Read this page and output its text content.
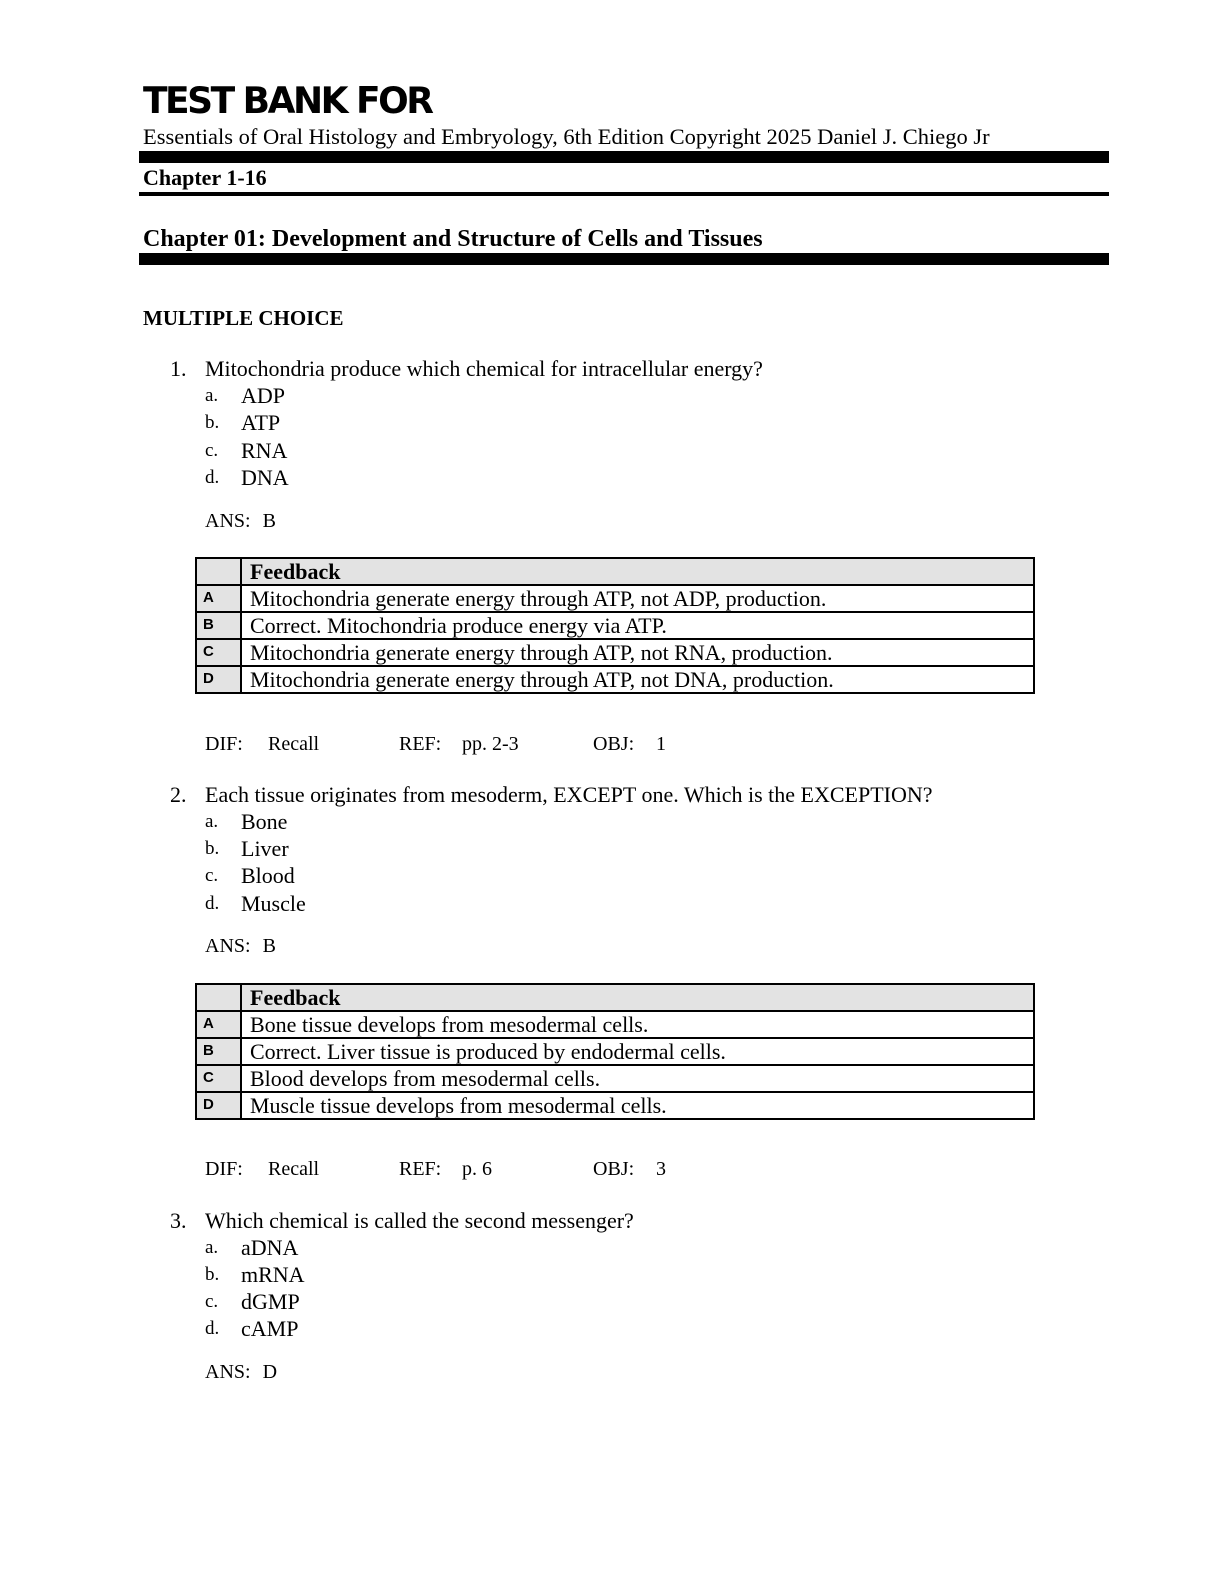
TEST BANK FOR
Essentials of Oral Histology and Embryology, 6th Edition Copyright 2025 Daniel J. Chiego Jr
Chapter 1-16
Chapter 01: Development and Structure of Cells and Tissues
MULTIPLE CHOICE
1. Mitochondria produce which chemical for intracellular energy?
a. ADP
b. ATP
c. RNA
d. DNA
ANS: B
	Feedback
A	Mitochondria generate energy through ATP, not ADP, production.
B	Correct. Mitochondria produce energy via ATP.
C	Mitochondria generate energy through ATP, not RNA, production.
D	Mitochondria generate energy through ATP, not DNA, production.
DIF: Recall	REF: pp. 2-3	OBJ: 1
2. Each tissue originates from mesoderm, EXCEPT one. Which is the EXCEPTION?
a. Bone
b. Liver
c. Blood
d. Muscle
ANS: B
	Feedback
A	Bone tissue develops from mesodermal cells.
B	Correct. Liver tissue is produced by endodermal cells.
C	Blood develops from mesodermal cells.
D	Muscle tissue develops from mesodermal cells.
DIF: Recall	REF: p. 6	OBJ: 3
3. Which chemical is called the second messenger?
a. aDNA
b. mRNA
c. dGMP
d. cAMP
ANS: D
